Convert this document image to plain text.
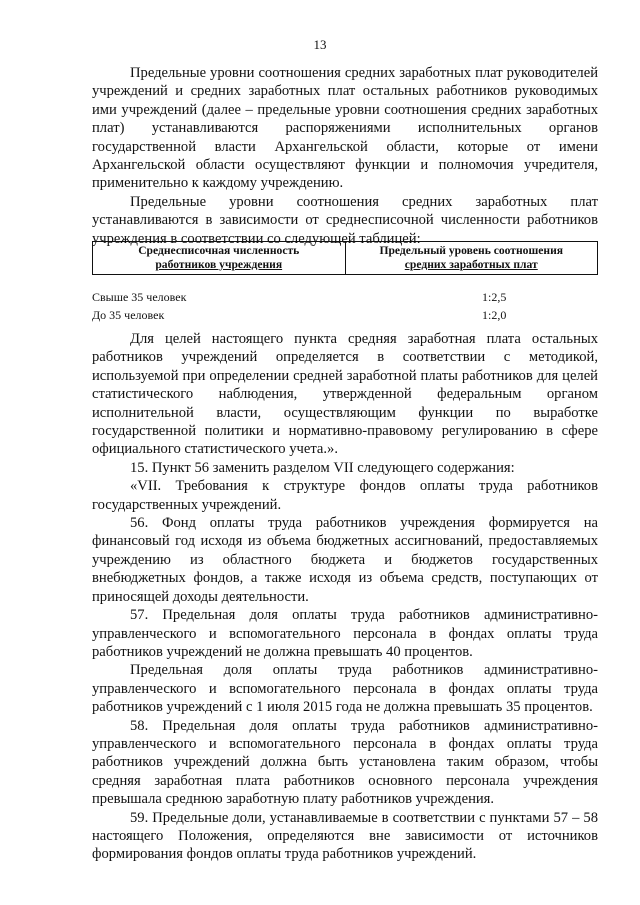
13

Предельные уровни соотношения средних заработных плат руководителей учреждений и средних заработных плат остальных работников руководимых ими учреждений (далее – предельные уровни соотношения средних заработных плат) устанавливаются распоряжениями исполнительных органов государственной власти Архангельской области, которые от имени Архангельской области осуществляют функции и полномочия учредителя, применительно к каждому учреждению.

Предельные уровни соотношения средних заработных плат устанавливаются в зависимости от среднесписочной численности работников учреждения в соответствии со следующей таблицей:

Среднесписочная численность
работников учреждения	Предельный уровень соотношения
средних заработных плат
Свыше 35 человек	1:2,5
До 35 человек	1:2,0

Для целей настоящего пункта средняя заработная плата остальных работников учреждений определяется в соответствии с методикой, используемой при определении средней заработной платы работников для целей статистического наблюдения, утвержденной федеральным органом исполнительной власти, осуществляющим функции по выработке государственной политики и нормативно-правовому регулированию в сфере официального статистического учета.».

15. Пункт 56 заменить разделом VII следующего содержания:

«VII. Требования к структуре фондов оплаты труда работников государственных учреждений.

56. Фонд оплаты труда работников учреждения формируется на финансовый год исходя из объема бюджетных ассигнований, предоставляемых учреждению из областного бюджета и бюджетов государственных внебюджетных фондов, а также исходя из объема средств, поступающих от приносящей доходы деятельности.

57. Предельная доля оплаты труда работников административно-управленческого и вспомогательного персонала в фондах оплаты труда работников учреждений не должна превышать 40 процентов.

Предельная доля оплаты труда работников административно-управленческого и вспомогательного персонала в фондах оплаты труда работников учреждений с 1 июля 2015 года не должна превышать 35 процентов.

58. Предельная доля оплаты труда работников административно-управленческого и вспомогательного персонала в фондах оплаты труда работников учреждений должна быть установлена таким образом, чтобы средняя заработная плата работников основного персонала учреждения превышала среднюю заработную плату работников учреждения.

59. Предельные доли, устанавливаемые в соответствии с пунктами 57 – 58 настоящего Положения, определяются вне зависимости от источников формирования фондов оплаты труда работников учреждений.
